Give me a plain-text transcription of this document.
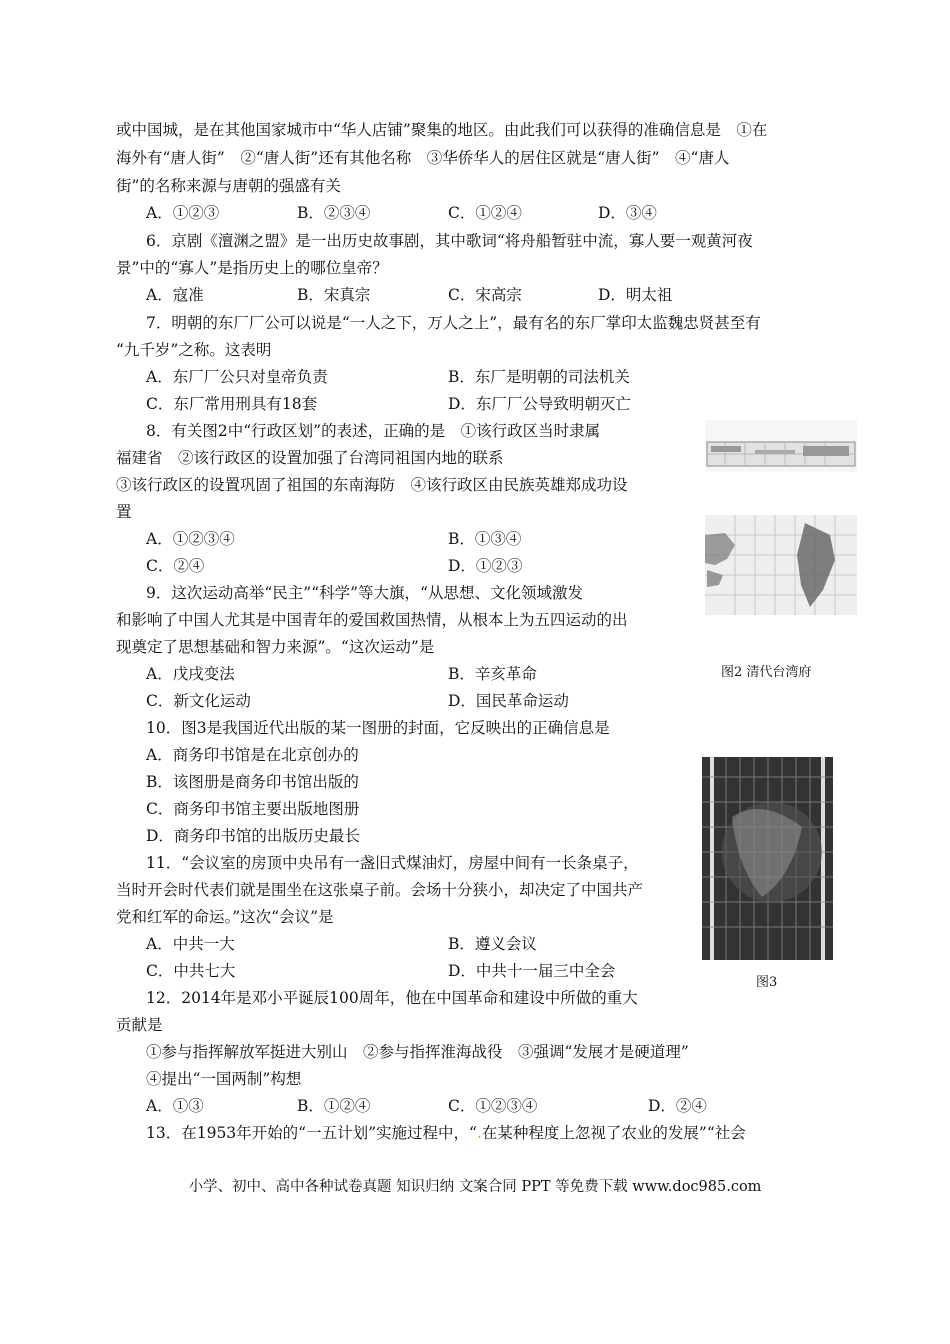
或中国城，是在其他国家城市中“华人店铺”聚集的地区。由此我们可以获得的准确信息是　①在
海外有“唐人街”　②“唐人街”还有其他名称　③华侨华人的居住区就是“唐人街”　④“唐人
街”的名称来源与唐朝的强盛有关
A．①②③	B．②③④	C．①②④	D．③④
6．京剧《澶渊之盟》是一出历史故事剧，其中歌词“将舟船暂驻中流，寡人要一观黄河夜
景”中的“寡人”是指历史上的哪位皇帝？
A．寇准	B．宋真宗	C．宋高宗	D．明太祖
7．明朝的东厂厂公可以说是“一人之下，万人之上”，最有名的东厂掌印太监魏忠贤甚至有
“九千岁”之称。这表明
A．东厂厂公只对皇帝负责	B．东厂是明朝的司法机关
C．东厂常用刑具有18套	D．东厂厂公导致明朝灭亡
8．有关图2中“行政区划”的表述，正确的是　①该行政区当时隶属
福建省　②该行政区的设置加强了台湾同祖国内地的联系
③该行政区的设置巩固了祖国的东南海防　④该行政区由民族英雄郑成功设
置
A．①②③④	B．①③④
C．②④	D．①②③
9．这次运动高举“民主”“科学”等大旗，“从思想、文化领域激发
和影响了中国人尤其是中国青年的爱国救国热情，从根本上为五四运动的出
现奠定了思想基础和智力来源”。“这次运动”是
A．戊戌变法	B．辛亥革命
C．新文化运动	D．国民革命运动
10．图3是我国近代出版的某一图册的封面，它反映出的正确信息是
A．商务印书馆是在北京创办的
B．该图册是商务印书馆出版的
C．商务印书馆主要出版地图册
D．商务印书馆的出版历史最长
11．“会议室的房顶中央吊有一盏旧式煤油灯，房屋中间有一长条桌子，
当时开会时代表们就是围坐在这张桌子前。会场十分狭小，却决定了中国共产
党和红军的命运。”这次“会议”是
A．中共一大	B．遵义会议
C．中共七大	D．中共十一届三中全会
12．2014年是邓小平诞辰100周年，他在中国革命和建设中所做的重大
贡献是
①参与指挥解放军挺进大别山　②参与指挥淮海战役　③强调“发展才是硬道理”
④提出“一国两制”构想
A．①③	B．①②④	C．①②③④	D．②④
13．在1953年开始的“一五计划”实施过程中，“.在某种程度上忽视了农业的发展”“社会
图2 清代台湾府
图3
小学、初中、高中各种试卷真题 知识归纳 文案合同 PPT 等免费下载 www.doc985.com
